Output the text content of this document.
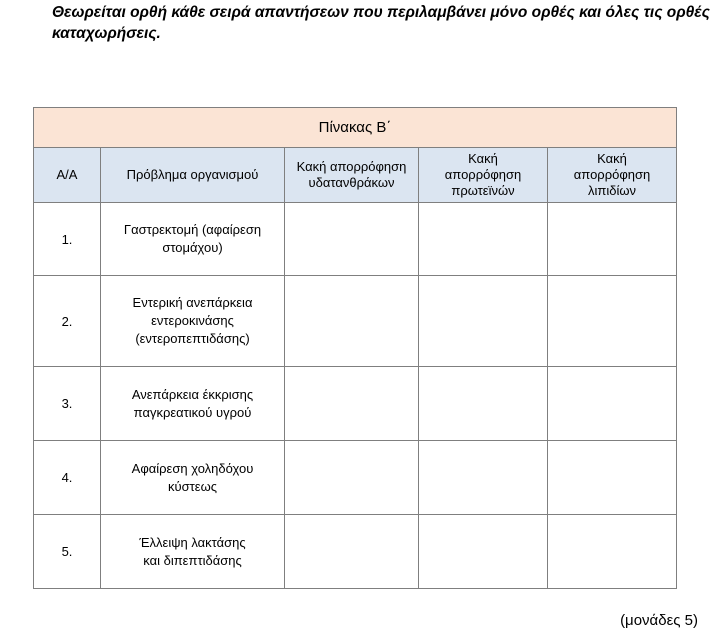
Θεωρείται ορθή κάθε σειρά απαντήσεων που περιλαμβάνει μόνο ορθές και όλες τις ορθές καταχωρήσεις.
Πίνακας Β΄				
Α/Α	Πρόβλημα οργανισμού	Κακή απορρόφηση υδατανθράκων	Κακή απορρόφηση πρωτεϊνών	Κακή απορρόφηση λιπιδίων
1.	Γαστρεκτομή (αφαίρεση στομάχου)			
2.	Εντερική ανεπάρκεια εντεροκινάσης (εντεροπεπτιδάσης)			
3.	Ανεπάρκεια έκκρισης παγκρεατικού υγρού			
4.	Αφαίρεση χοληδόχου κύστεως			
5.	Έλλειψη λακτάσης και διπεπτιδάσης			
(μονάδες 5)
